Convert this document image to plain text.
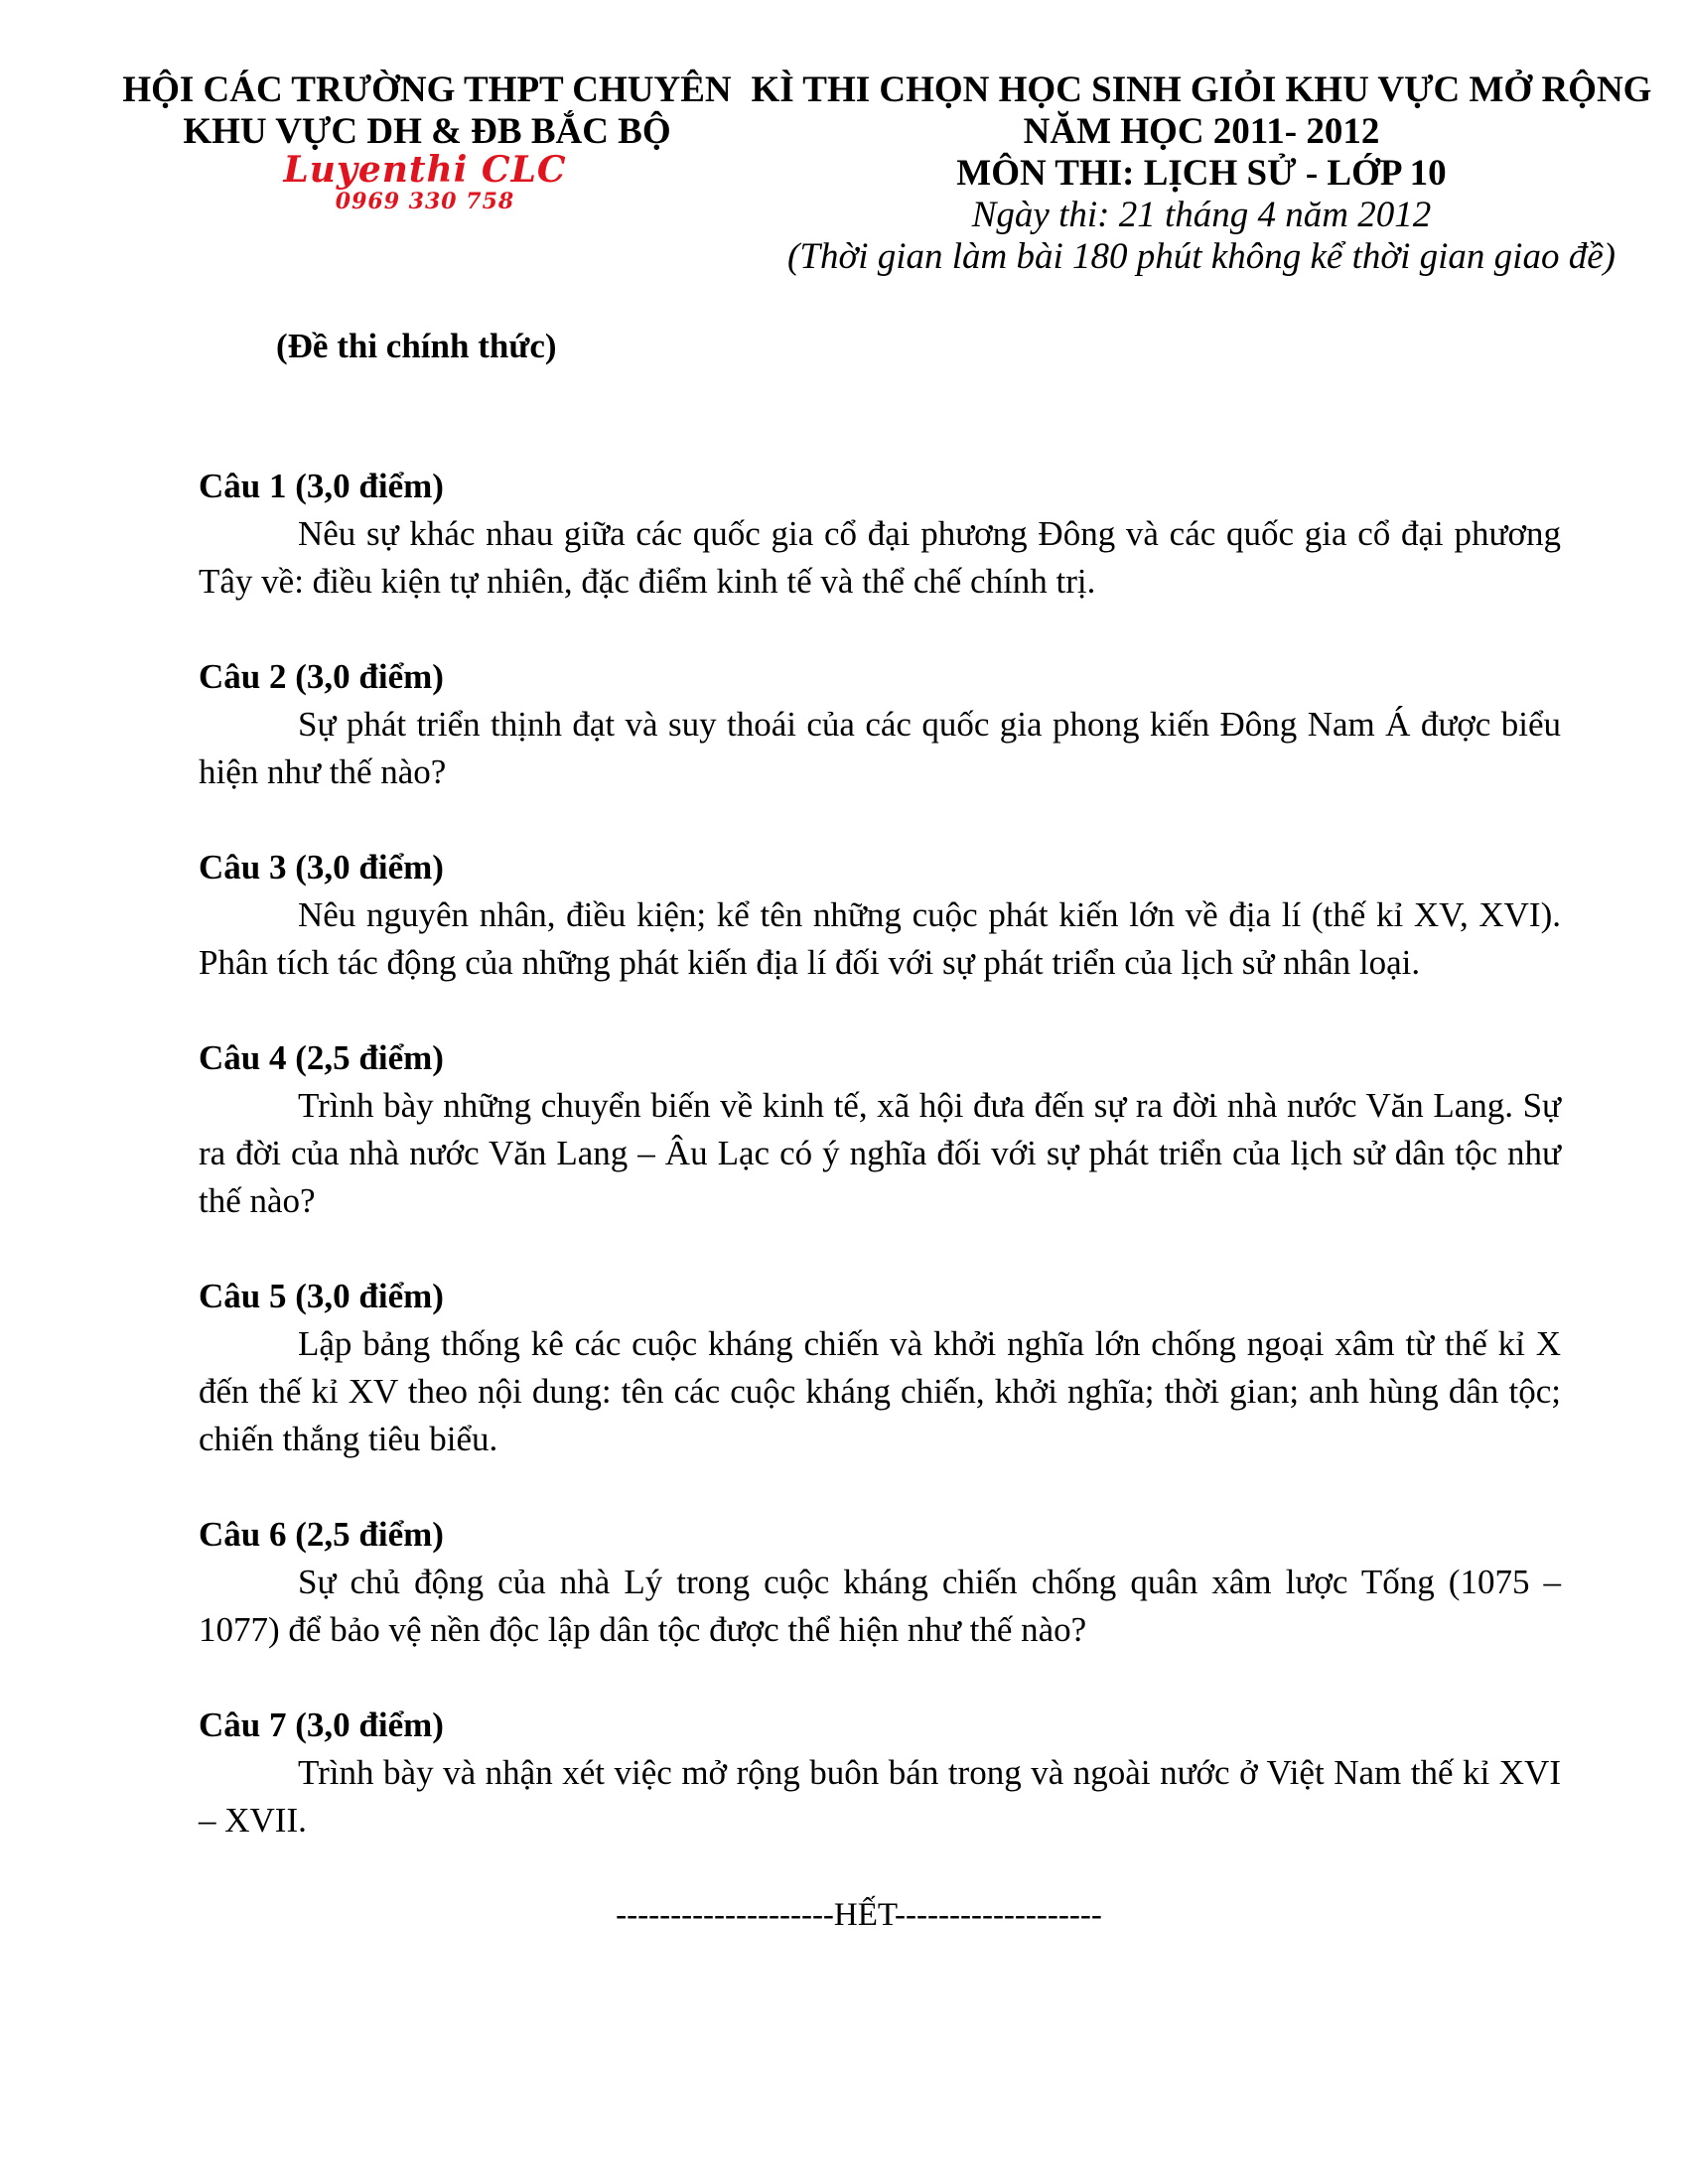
HỘI CÁC TRƯỜNG THPT CHUYÊN
KHU VỰC DH & ĐB BẮC BỘ
Luyenthi CLC
0969 330 758
KÌ THI CHỌN HỌC SINH GIỎI KHU VỰC MỞ RỘNG
NĂM HỌC 2011- 2012
MÔN THI: LỊCH SỬ - LỚP 10
Ngày thi: 21 tháng 4 năm 2012
(Thời gian làm bài 180 phút không kể thời gian giao đề)
(Đề thi chính thức)
Câu 1 (3,0 điểm)
Nêu sự khác nhau giữa các quốc gia cổ đại phương Đông và các quốc gia cổ đại phương Tây về: điều kiện tự nhiên, đặc điểm kinh tế và thể chế chính trị.
Câu 2 (3,0 điểm)
Sự phát triển thịnh đạt và suy thoái của các quốc gia phong kiến Đông Nam Á được biểu hiện như thế nào?
Câu 3 (3,0 điểm)
Nêu nguyên nhân, điều kiện; kể tên những cuộc phát kiến lớn về địa lí (thế kỉ XV, XVI). Phân tích tác động của những phát kiến địa lí đối với sự phát triển của lịch sử nhân loại.
Câu 4 (2,5 điểm)
Trình bày những chuyển biến về kinh tế, xã hội đưa đến sự ra đời nhà nước Văn Lang. Sự ra đời của nhà nước Văn Lang – Âu Lạc có ý nghĩa đối với sự phát triển của lịch sử dân tộc như thế nào?
Câu 5 (3,0 điểm)
Lập bảng thống kê các cuộc kháng chiến và khởi nghĩa lớn chống ngoại xâm từ thế kỉ X đến thế kỉ XV theo nội dung: tên các cuộc kháng chiến, khởi nghĩa; thời gian; anh hùng dân tộc; chiến thắng tiêu biểu.
Câu 6 (2,5 điểm)
Sự chủ động của nhà Lý trong cuộc kháng chiến chống quân xâm lược Tống (1075 – 1077) để bảo vệ nền độc lập dân tộc được thể hiện như thế nào?
Câu 7 (3,0 điểm)
Trình bày và nhận xét việc mở rộng buôn bán trong và ngoài nước ở Việt Nam thế kỉ XVI – XVII.
--------------------HẾT-------------------
